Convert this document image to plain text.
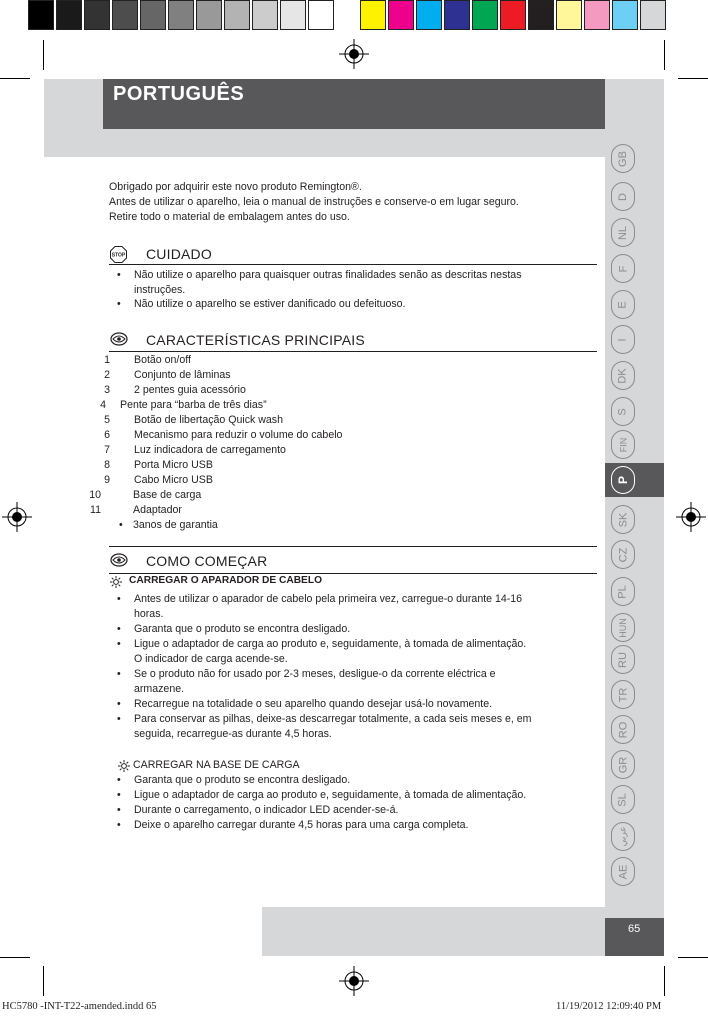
PORTUGUÊS
Obrigado por adquirir este novo produto Remington®.
Antes de utilizar o aparelho, leia o manual de instruções e conserve-o em lugar seguro.
Retire todo o material de embalagem antes do uso.
STOP CUIDADO
• Não utilize o aparelho para quaisquer outras finalidades senão as descritas nestas
instruções.
• Não utilize o aparelho se estiver danificado ou defeituoso.
CARACTERÍSTICAS PRINCIPAIS
1 Botão on/off
2 Conjunto de lâminas
3 2 pentes guia acessório
4 Pente para “barba de três dias”
5 Botão de libertação Quick wash
6 Mecanismo para reduzir o volume do cabelo
7 Luz indicadora de carregamento
8 Porta Micro USB
9 Cabo Micro USB
10	Base de carga
11	Adaptador
• 3anos de garantia
COMO COMEÇAR
CARREGAR O APARADOR DE CABELO
• Antes de utilizar o aparador de cabelo pela primeira vez, carregue-o durante 14-16
horas.
• Garanta que o produto se encontra desligado.
• Ligue o adaptador de carga ao produto e, seguidamente, à tomada de alimentação.
O indicador de carga acende-se.
• Se o produto não for usado por 2-3 meses, desligue-o da corrente eléctrica e
armazene.
• Recarregue na totalidade o seu aparelho quando desejar usá-lo novamente.
• Para conservar as pilhas, deixe-as descarregar totalmente, a cada seis meses e, em
seguida, recarregue-as durante 4,5 horas.
CARREGAR NA BASE DE CARGA
• Garanta que o produto se encontra desligado.
• Ligue o adaptador de carga ao produto e, seguidamente, à tomada de alimentação.
• Durante o carregamento, o indicador LED acender-se-á.
• Deixe o aparelho carregar durante 4,5 horas para uma carga completa.
GB
D
NL
F
E
I
DK
S
FIN
SK
CZ
PL
HUN
RU
TR
RO
GR
SL
عربي
AE
P
65
HC5780 -INT-T22-amended.indd 65	11/19/2012 12:09:40 PM
